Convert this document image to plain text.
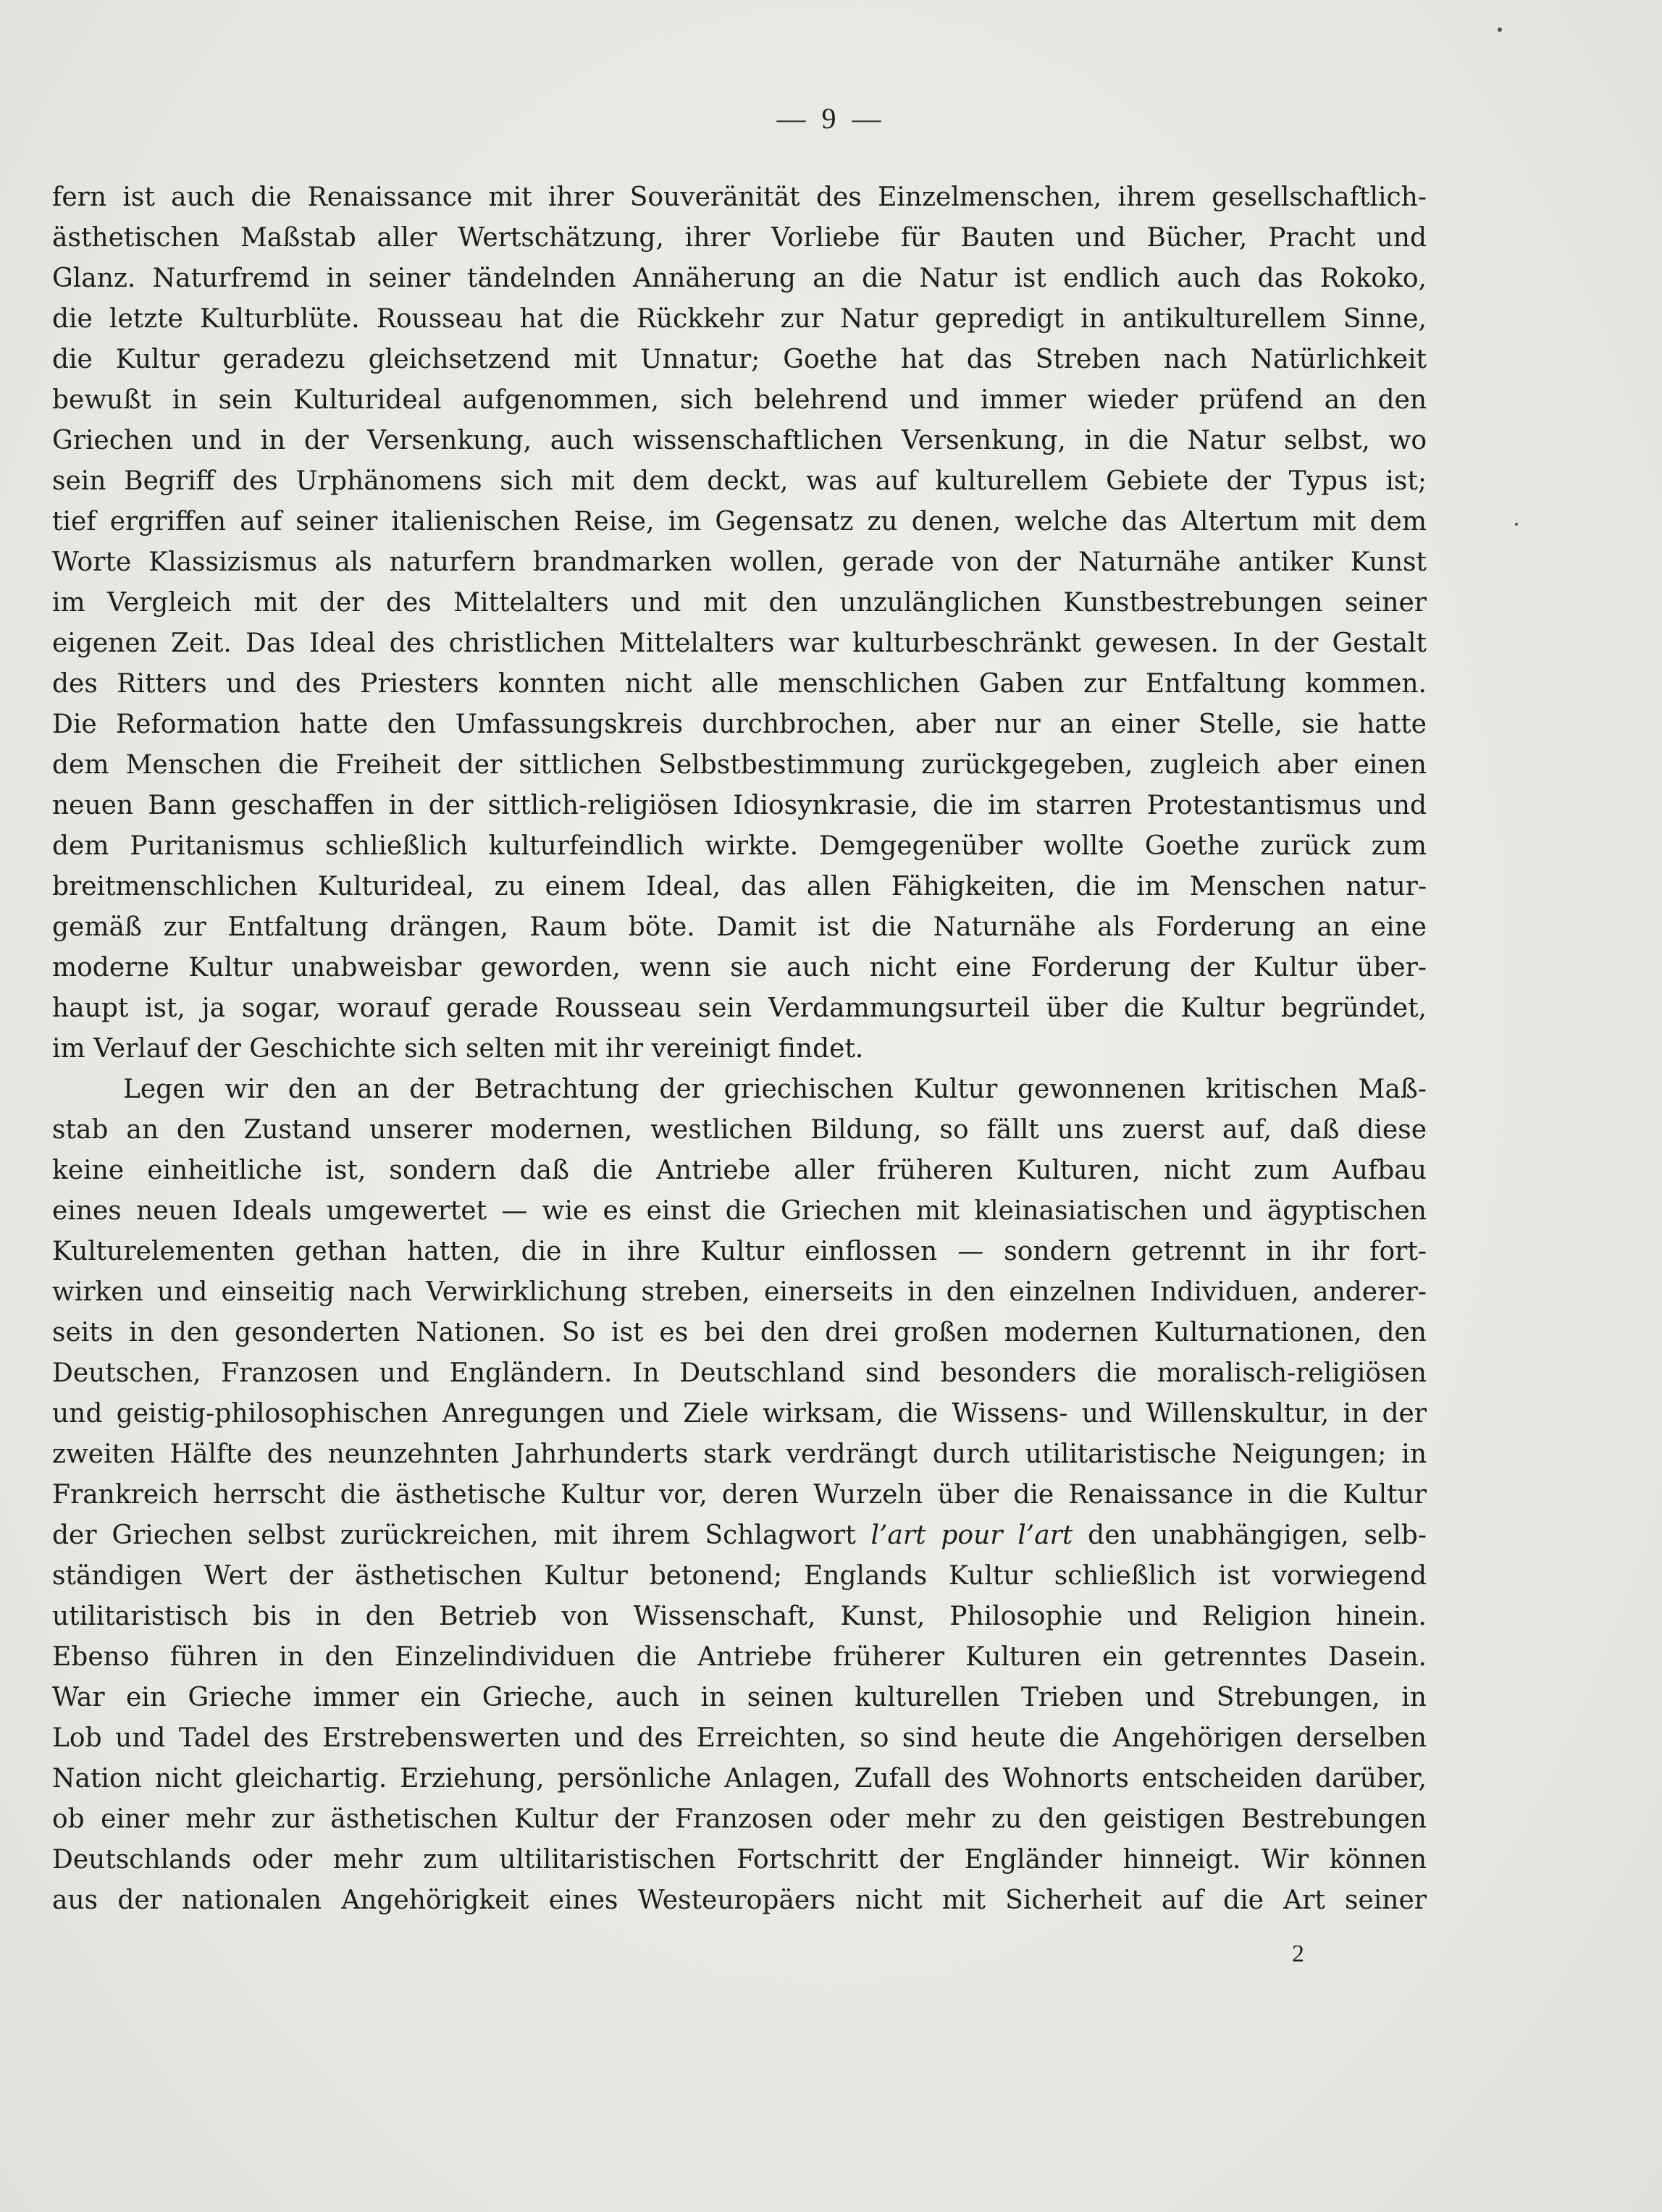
— 9 —
fern ist auch die Renaissance mit ihrer Souveränität des Einzelmenschen, ihrem gesellschaftlich-
ästhetischen Maßstab aller Wertschätzung, ihrer Vorliebe für Bauten und Bücher, Pracht und
Glanz. Naturfremd in seiner tändelnden Annäherung an die Natur ist endlich auch das Rokoko,
die letzte Kulturblüte. Rousseau hat die Rückkehr zur Natur gepredigt in antikulturellem Sinne,
die Kultur geradezu gleichsetzend mit Unnatur; Goethe hat das Streben nach Natürlichkeit
bewußt in sein Kulturideal aufgenommen, sich belehrend und immer wieder prüfend an den
Griechen und in der Versenkung, auch wissenschaftlichen Versenkung, in die Natur selbst, wo
sein Begriff des Urphänomens sich mit dem deckt, was auf kulturellem Gebiete der Typus ist;
tief ergriffen auf seiner italienischen Reise, im Gegensatz zu denen, welche das Altertum mit dem
Worte Klassizismus als naturfern brandmarken wollen, gerade von der Naturnähe antiker Kunst
im Vergleich mit der des Mittelalters und mit den unzulänglichen Kunstbestrebungen seiner
eigenen Zeit. Das Ideal des christlichen Mittelalters war kulturbeschränkt gewesen. In der Gestalt
des Ritters und des Priesters konnten nicht alle menschlichen Gaben zur Entfaltung kommen.
Die Reformation hatte den Umfassungskreis durchbrochen, aber nur an einer Stelle, sie hatte
dem Menschen die Freiheit der sittlichen Selbstbestimmung zurückgegeben, zugleich aber einen
neuen Bann geschaffen in der sittlich-religiösen Idiosynkrasie, die im starren Protestantismus und
dem Puritanismus schließlich kulturfeindlich wirkte. Demgegenüber wollte Goethe zurück zum
breitmenschlichen Kulturideal, zu einem Ideal, das allen Fähigkeiten, die im Menschen natur-
gemäß zur Entfaltung drängen, Raum böte. Damit ist die Naturnähe als Forderung an eine
moderne Kultur unabweisbar geworden, wenn sie auch nicht eine Forderung der Kultur über-
haupt ist, ja sogar, worauf gerade Rousseau sein Verdammungsurteil über die Kultur begründet,
im Verlauf der Geschichte sich selten mit ihr vereinigt findet.
Legen wir den an der Betrachtung der griechischen Kultur gewonnenen kritischen Maß-
stab an den Zustand unserer modernen, westlichen Bildung, so fällt uns zuerst auf, daß diese
keine einheitliche ist, sondern daß die Antriebe aller früheren Kulturen, nicht zum Aufbau
eines neuen Ideals umgewertet — wie es einst die Griechen mit kleinasiatischen und ägyptischen
Kulturelementen gethan hatten, die in ihre Kultur einflossen — sondern getrennt in ihr fort-
wirken und einseitig nach Verwirklichung streben, einerseits in den einzelnen Individuen, anderer-
seits in den gesonderten Nationen. So ist es bei den drei großen modernen Kulturnationen, den
Deutschen, Franzosen und Engländern. In Deutschland sind besonders die moralisch-religiösen
und geistig-philosophischen Anregungen und Ziele wirksam, die Wissens- und Willenskultur, in der
zweiten Hälfte des neunzehnten Jahrhunderts stark verdrängt durch utilitaristische Neigungen; in
Frankreich herrscht die ästhetische Kultur vor, deren Wurzeln über die Renaissance in die Kultur
der Griechen selbst zurückreichen, mit ihrem Schlagwort l’art pour l’art den unabhängigen, selb-
ständigen Wert der ästhetischen Kultur betonend; Englands Kultur schließlich ist vorwiegend
utilitaristisch bis in den Betrieb von Wissenschaft, Kunst, Philosophie und Religion hinein.
Ebenso führen in den Einzelindividuen die Antriebe früherer Kulturen ein getrenntes Dasein.
War ein Grieche immer ein Grieche, auch in seinen kulturellen Trieben und Strebungen, in
Lob und Tadel des Erstrebenswerten und des Erreichten, so sind heute die Angehörigen derselben
Nation nicht gleichartig. Erziehung, persönliche Anlagen, Zufall des Wohnorts entscheiden darüber,
ob einer mehr zur ästhetischen Kultur der Franzosen oder mehr zu den geistigen Bestrebungen
Deutschlands oder mehr zum ultilitaristischen Fortschritt der Engländer hinneigt. Wir können
aus der nationalen Angehörigkeit eines Westeuropäers nicht mit Sicherheit auf die Art seiner
2
